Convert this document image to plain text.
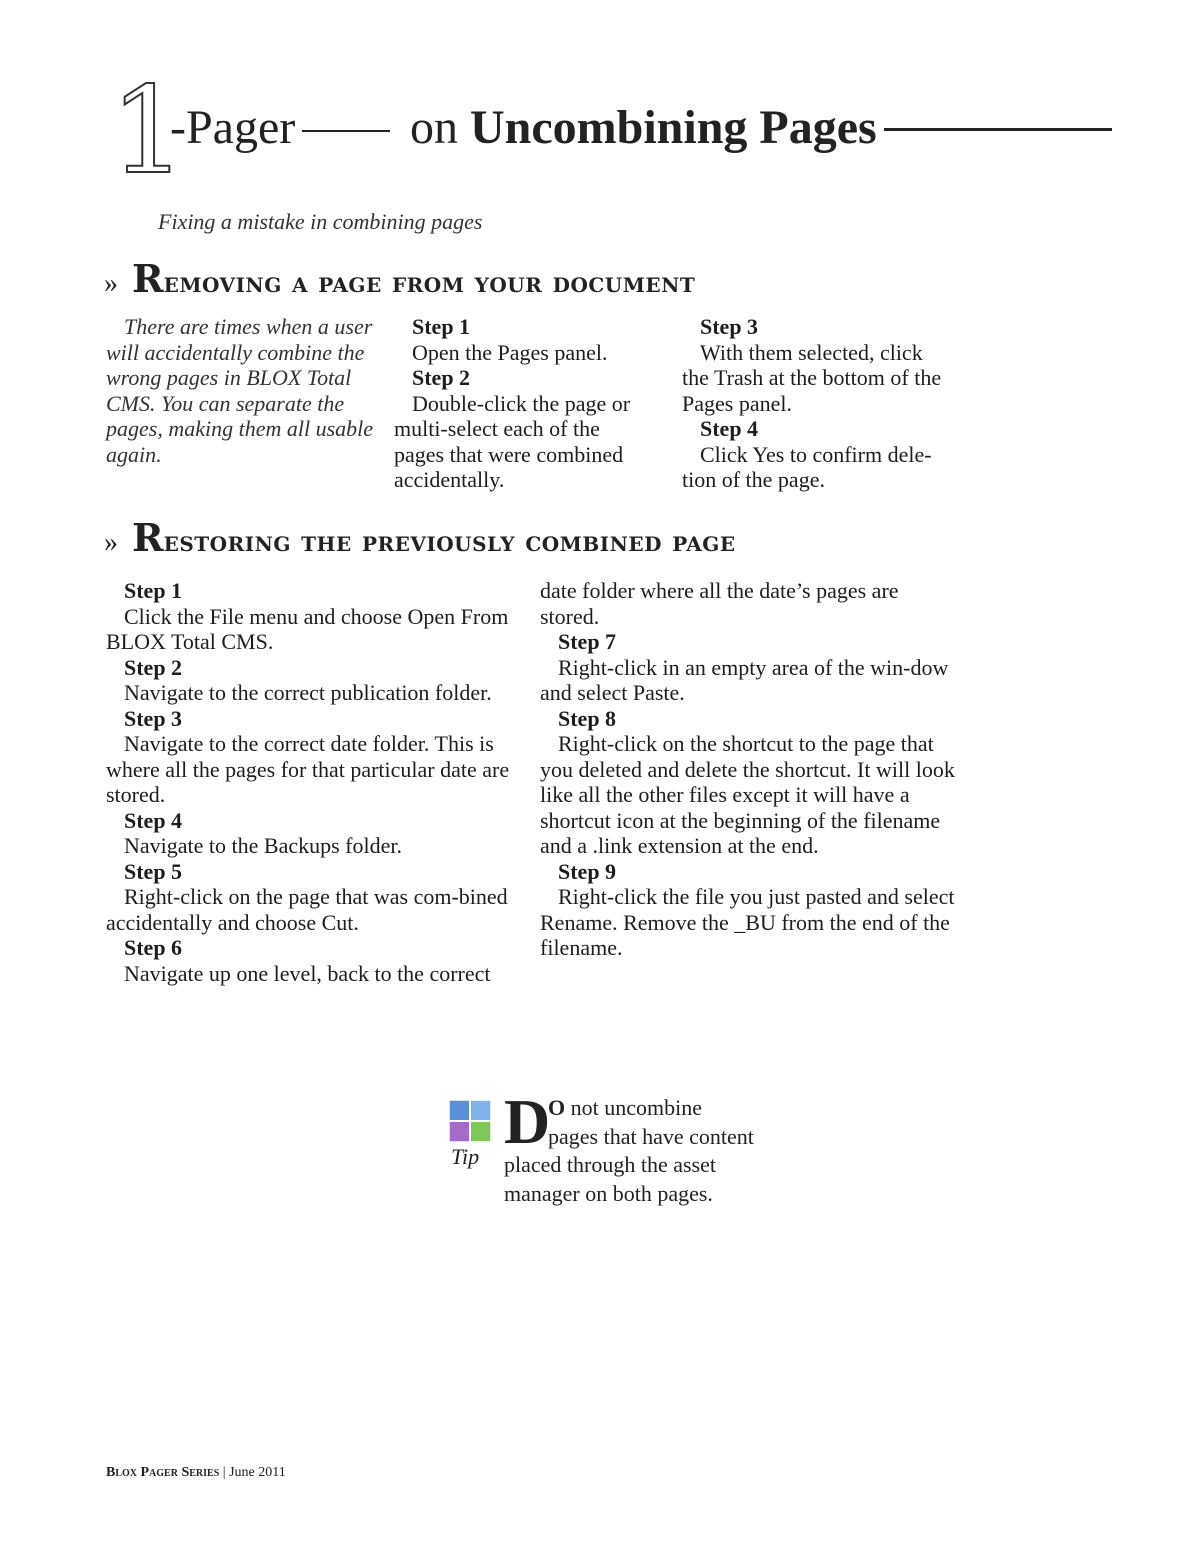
1
-Pager on Uncombining Pages
Fixing a mistake in combining pages
» R emoving a page from your document

There are times when a user will accidentally combine the wrong pages in BLOX Total CMS. You can separate the pages, making them all usable again.

Step 1

Open the Pages panel.

Step 2

Double-click the page or multi-select each of the pages that were combined accidentally.

Step 3

With them selected, click the Trash at the bottom of the Pages panel.

Step 4

Click Yes to confirm dele-tion of the page.

» R estoring the previously combined page
Step 1

Click the File menu and choose Open From BLOX Total CMS.

Step 2

Navigate to the correct publication folder.

Step 3

Navigate to the correct date folder. This is where all the pages for that particular date are stored.

Step 4

Navigate to the Backups folder.

Step 5

Right-click on the page that was com-bined accidentally and choose Cut.

Step 6

Navigate up one level, back to the correct

date folder where all the date’s pages are stored.

Step 7

Right-click in an empty area of the win-dow and select Paste.

Step 8

Right-click on the shortcut to the page that you deleted and delete the shortcut. It will look like all the other files except it will have a shortcut icon at the beginning of the filename and a .link extension at the end.

Step 9

Right-click the file you just pasted and select Rename. Remove the _BU from the end of the filename.

Tip D
O not uncombine
pages that have content
placed through the asset
manager on both pages.
Blox Pager Series | June 2011
